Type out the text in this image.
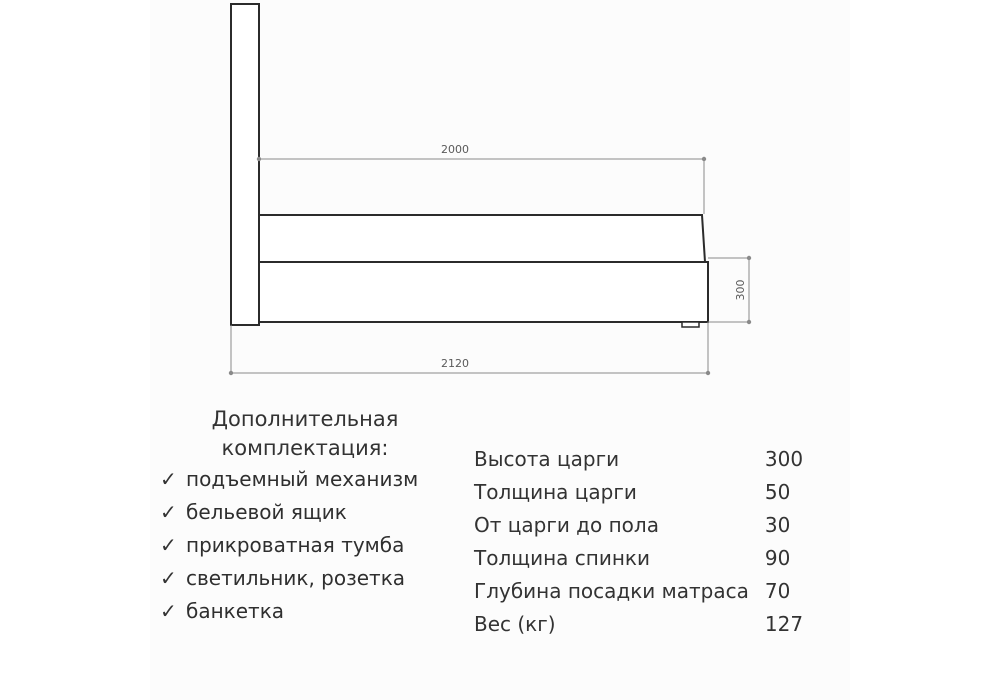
2000
2120
300
Дополнительная
комплектация:
✓ подъемный механизм
✓ бельевой ящик
✓ прикроватная тумба
✓ светильник, розетка
✓ банкетка
Высота царги	300
Толщина царги	50
От царги до пола	30
Толщина спинки	90
Глубина посадки матраса	70
Вес (кг)	127
